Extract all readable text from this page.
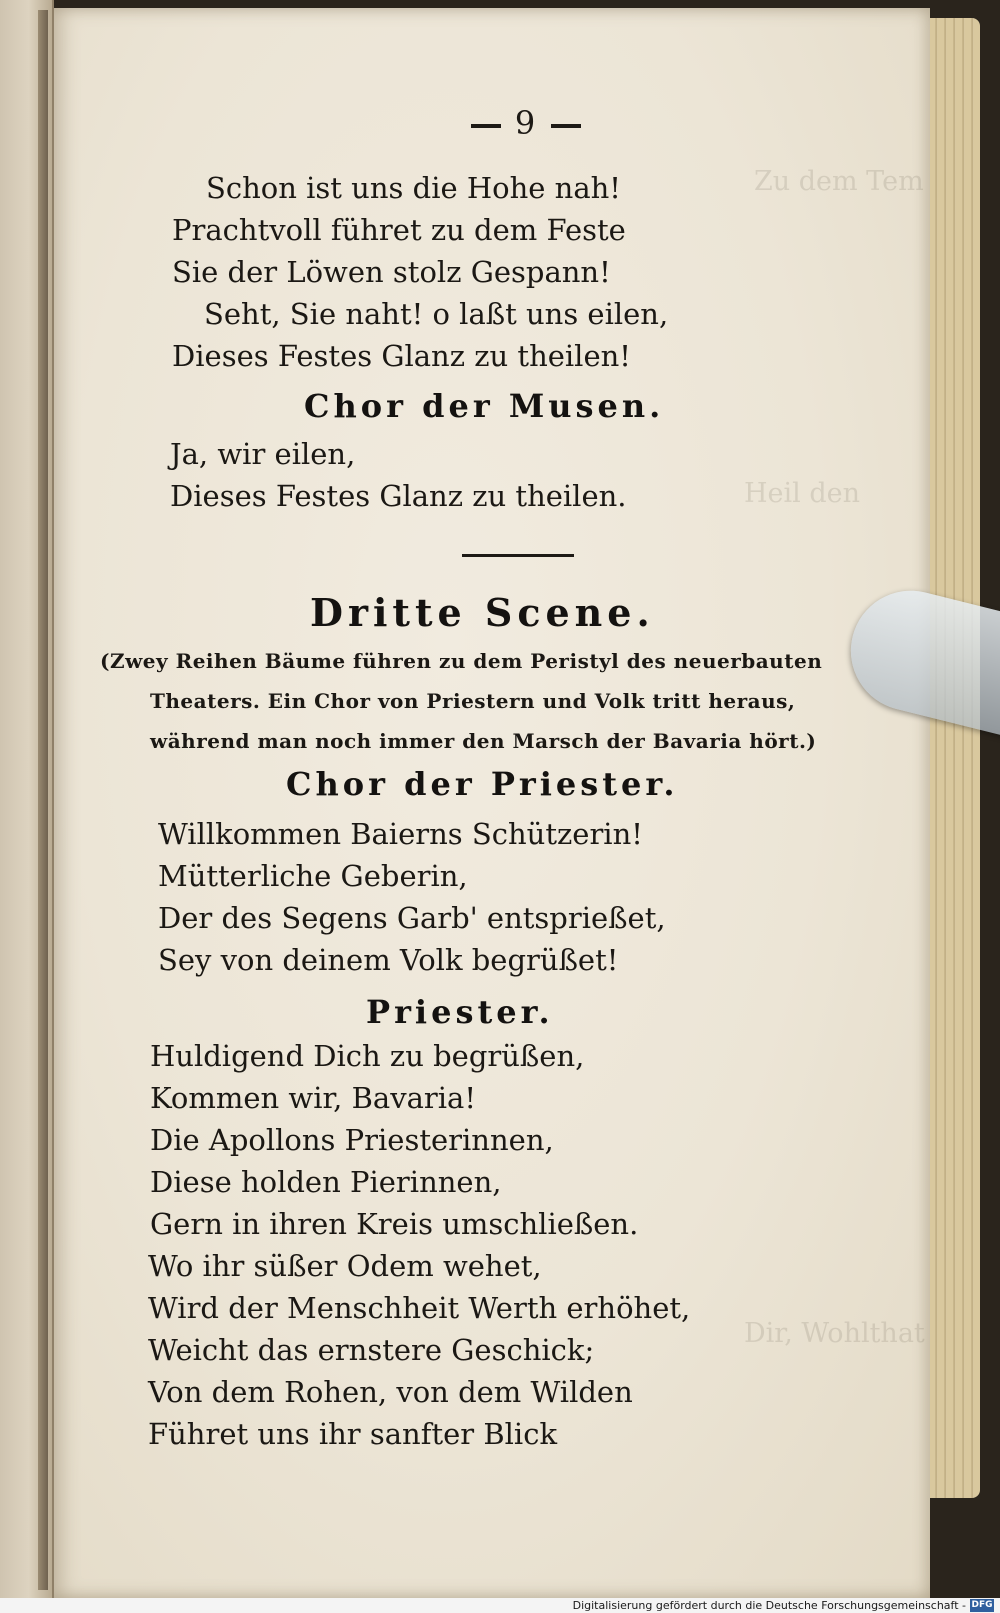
Zu dem Tem
Heil den
Dir, Wohlthat
9
Schon ist uns die Hohe nah!
Prachtvoll führet zu dem Feste
Sie der Löwen stolz Gespann!
Seht, Sie naht! o laßt uns eilen,
Dieses Festes Glanz zu theilen!
Chor der Musen.
Ja, wir eilen,
Dieses Festes Glanz zu theilen.
Dritte Scene.
(Zwey Reihen Bäume führen zu dem Peristyl des neuerbauten
Theaters. Ein Chor von Priestern und Volk tritt heraus,
während man noch immer den Marsch der Bavaria hört.)
Chor der Priester.
Willkommen Baierns Schützerin!
Mütterliche Geberin,
Der des Segens Garb' entsprießet,
Sey von deinem Volk begrüßet!
Priester.
Huldigend Dich zu begrüßen,
Kommen wir, Bavaria!
Die Apollons Priesterinnen,
Diese holden Pierinnen,
Gern in ihren Kreis umschließen.
Wo ihr süßer Odem wehet,
Wird der Menschheit Werth erhöhet,
Weicht das ernstere Geschick;
Von dem Rohen, von dem Wilden
Führet uns ihr sanfter Blick
Digitalisierung gefördert durch die Deutsche Forschungsgemeinschaft - DFG
